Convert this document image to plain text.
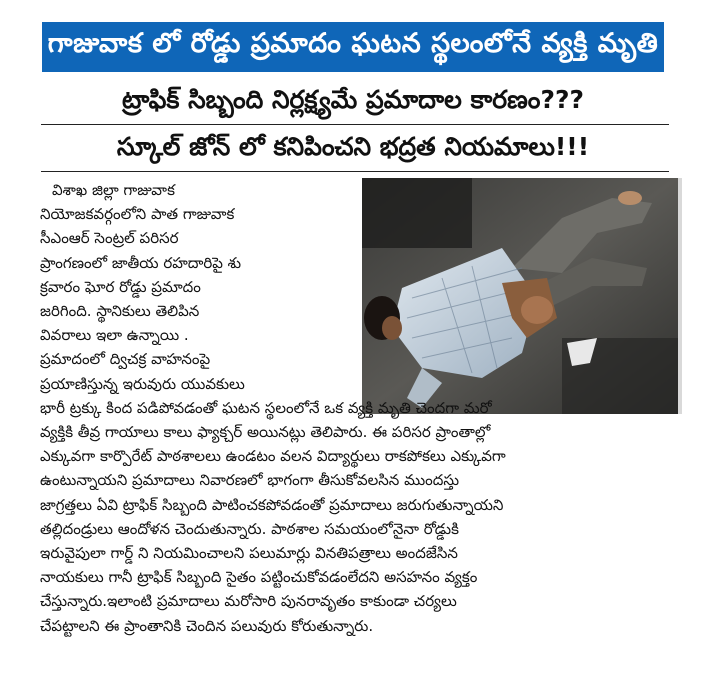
గాజువాక లో రోడ్డు ప్రమాదం ఘటన స్థలంలోనే వ్యక్తి మృతి
ట్రాఫిక్ సిబ్బంది నిర్లక్ష్యమే ప్రమాదాల కారణం???
స్కూల్ జోన్ లో కనిపించని భద్రత నియమాలు!!!
విశాఖ జిల్లా గాజువాక
నియోజకవర్గంలోని పాత గాజువాక
సీఎంఆర్ సెంట్రల్ పరిసర
ప్రాంగణంలో జాతీయ రహదారిపై శు
క్రవారం ఘోర రోడ్డు ప్రమాదం
జరిగింది. స్థానికులు తెలిపిన
వివరాలు ఇలా ఉన్నాయి .
ప్రమాదంలో ద్విచక్ర వాహనంపై
ప్రయాణిస్తున్న ఇరువురు యువకులు
భారీ ట్రక్కు కింద పడిపోవడంతో ఘటన స్థలంలోనే ఒక వ్యక్తి మృతి చెందగా మరో
వ్యక్తికి తీవ్ర గాయాలు కాలు ఫ్యాక్చర్ అయినట్లు తెలిపారు. ఈ పరిసర ప్రాంతాల్లో
ఎక్కువగా కార్పొరేట్ పాఠశాలలు ఉండటం వలన విద్యార్థులు రాకపోకలు ఎక్కువగా
ఉంటున్నాయని ప్రమాదాలు నివారణలో భాగంగా తీసుకోవలసిన ముందస్తు
జాగ్రత్తలు ఏవి ట్రాఫిక్ సిబ్బంది పాటించకపోవడంతో ప్రమాదాలు జరుగుతున్నాయని
తల్లిదండ్రులు ఆందోళన చెందుతున్నారు. పాఠశాల సమయంలోనైనా రోడ్డుకి
ఇరువైపులా గార్డ్ ని నియమించాలని పలుమార్లు వినతిపత్రాలు అందజేసిన
నాయకులు గానీ ట్రాఫిక్ సిబ్బంది సైతం పట్టించుకోవడంలేదని అసహనం వ్యక్తం
చేస్తున్నారు.ఇలాంటి ప్రమాదాలు మరోసారి పునరావృతం కాకుండా చర్యలు
చేపట్టాలని ఈ ప్రాంతానికి చెందిన పలువురు కోరుతున్నారు.
